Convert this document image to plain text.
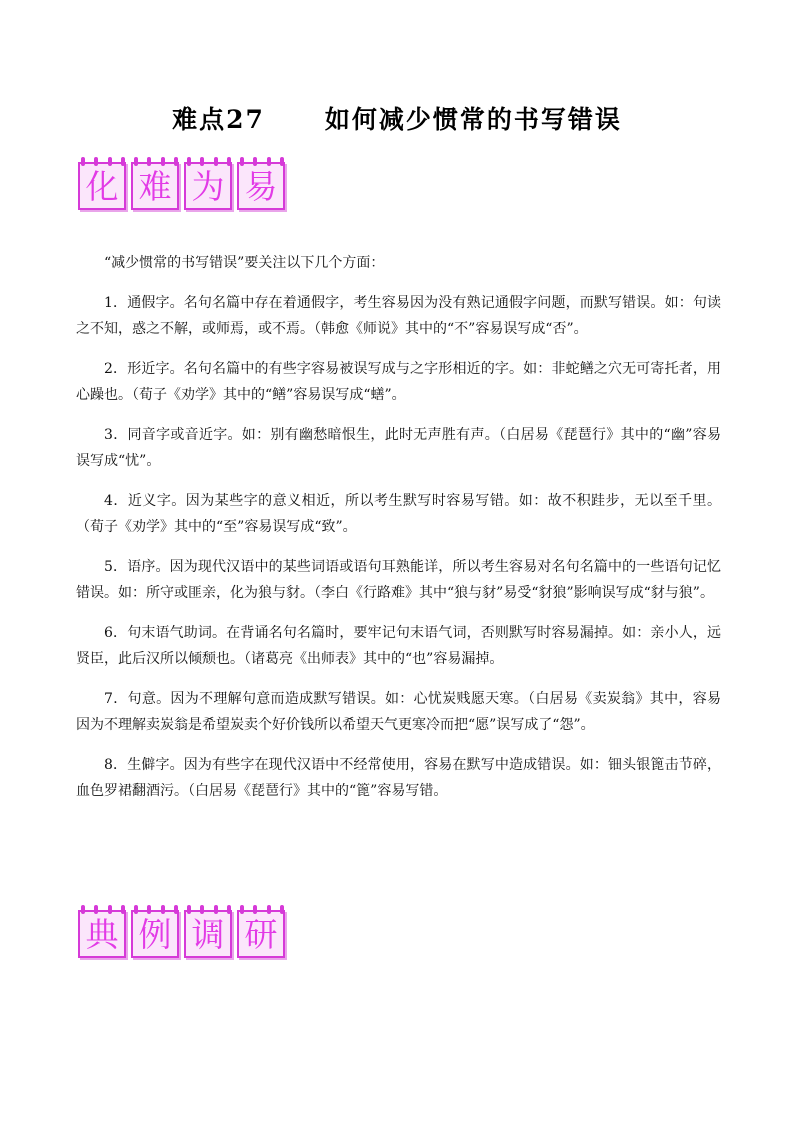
难点27 如何减少惯常的书写错误
化 难 为 易

“减少惯常的书写错误”要关注以下几个方面：

1．通假字。名句名篇中存在着通假字，考生容易因为没有熟记通假字问题，而默写错误。如：句读之不知，惑之不解，或师焉，或不焉。（韩愈《师说》其中的“不”容易误写成“否”。

2．形近字。名句名篇中的有些字容易被误写成与之字形相近的字。如：非蛇鳝之穴无可寄托者，用心躁也。（荀子《劝学》其中的“鳝”容易误写成“蟮”。

3．同音字或音近字。如：别有幽愁暗恨生，此时无声胜有声。（白居易《琵琶行》其中的“幽”容易误写成“忧”。

4．近义字。因为某些字的意义相近，所以考生默写时容易写错。如：故不积跬步，无以至千里。（荀子《劝学》其中的“至”容易误写成“致”。

5．语序。因为现代汉语中的某些词语或语句耳熟能详，所以考生容易对名句名篇中的一些语句记忆错误。如：所守或匪亲，化为狼与豺。（李白《行路难》其中“狼与豺”易受“豺狼”影响误写成“豺与狼”。

6．句末语气助词。在背诵名句名篇时，要牢记句末语气词，否则默写时容易漏掉。如：亲小人，远贤臣，此后汉所以倾颓也。（诸葛亮《出师表》其中的“也”容易漏掉。

7．句意。因为不理解句意而造成默写错误。如：心忧炭贱愿天寒。（白居易《卖炭翁》其中，容易因为不理解卖炭翁是希望炭卖个好价钱所以希望天气更寒冷而把“愿”误写成了“怨”。

8．生僻字。因为有些字在现代汉语中不经常使用，容易在默写中造成错误。如：钿头银篦击节碎，血色罗裙翻酒污。（白居易《琵琶行》其中的“篦”容易写错。

典 例 调 研
